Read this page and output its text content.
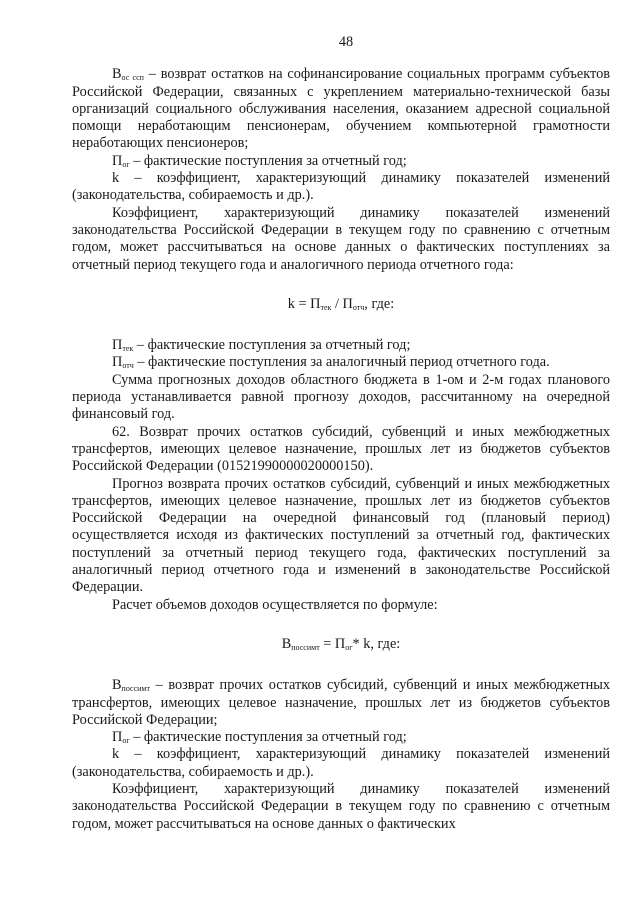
48

$В_{ос ссп}$ – возврат остатков на софинансирование социальных программ субъектов Российской Федерации, связанных с укреплением материально-технической базы организаций социального обслуживания населения, оказанием адресной социальной помощи неработающим пенсионерам, обучением компьютерной грамотности неработающих пенсионеров;

$П_{ог}$ – фактические поступления за отчетный год;

k – коэффициент, характеризующий динамику показателей изменений (законодательства, собираемость и др.).

Коэффициент, характеризующий динамику показателей изменений законодательства Российской Федерации в текущем году по сравнению с отчетным годом, может рассчитываться на основе данных о фактических поступлениях за отчетный период текущего года и аналогичного периода отчетного года:

$k = П_{тек} / П_{отч}$, где:

$П_{тек}$ – фактические поступления за отчетный год;

$П_{отч}$ – фактические поступления за аналогичный период отчетного года.

Сумма прогнозных доходов областного бюджета в 1-ом и 2-м годах планового периода устанавливается равной прогнозу доходов, рассчитанному на очередной финансовый год.

62. Возврат прочих остатков субсидий, субвенций и иных межбюджетных трансфертов, имеющих целевое назначение, прошлых лет из бюджетов субъектов Российской Федерации (01521990000020000150).

Прогноз возврата прочих остатков субсидий, субвенций и иных межбюджетных трансфертов, имеющих целевое назначение, прошлых лет из бюджетов субъектов Российской Федерации на очередной финансовый год (плановый период) осуществляется исходя из фактических поступлений за отчетный год, фактических поступлений за отчетный период текущего года, фактических поступлений за аналогичный период отчетного года и изменений в законодательстве Российской Федерации.

Расчет объемов доходов осуществляется по формуле:

$В_{поссимт} = П_{ог}*$ k, где:

$В_{поссимт}$ – возврат прочих остатков субсидий, субвенций и иных межбюджетных трансфертов, имеющих целевое назначение, прошлых лет из бюджетов субъектов Российской Федерации;

$П_{ог}$ – фактические поступления за отчетный год;

k – коэффициент, характеризующий динамику показателей изменений (законодательства, собираемость и др.).

Коэффициент, характеризующий динамику показателей изменений законодательства Российской Федерации в текущем году по сравнению с отчетным годом, может рассчитываться на основе данных о фактических
